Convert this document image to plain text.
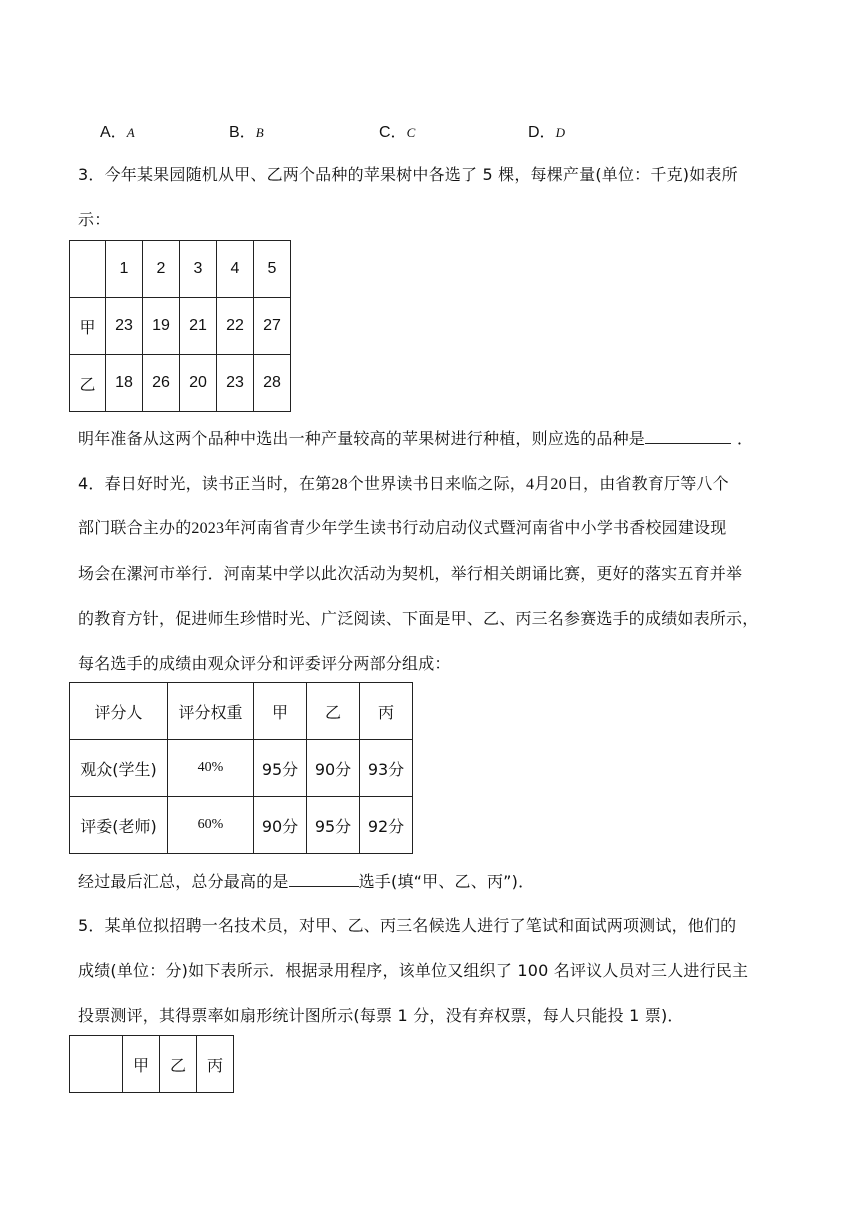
A．A	B．B	C．C	D．D
3．今年某果园随机从甲、乙两个品种的苹果树中各选了 5 棵，每棵产量(单位：千克)如表所
示：
	1	2	3	4	5
甲	23	19	21	22	27
乙	18	26	20	23	28
明年准备从这两个品种中选出一种产量较高的苹果树进行种植，则应选的品种是	．
4．春日好时光，读书正当时，在第28个世界读书日来临之际，4月20日，由省教育厅等八个
部门联合主办的2023年河南省青少年学生读书行动启动仪式暨河南省中小学书香校园建设现
场会在漯河市举行．河南某中学以此次活动为契机，举行相关朗诵比赛，更好的落实五育并举
的教育方针，促进师生珍惜时光、广泛阅读、下面是甲、乙、丙三名参赛选手的成绩如表所示，
每名选手的成绩由观众评分和评委评分两部分组成：
评分人	评分权重	甲	乙	丙
观众(学生)	40%	95分	90分	93分
评委(老师)	60%	90分	95分	92分
经过最后汇总，总分最高的是	选手(填“甲、乙、丙”)．
5．某单位拟招聘一名技术员，对甲、乙、丙三名候选人进行了笔试和面试两项测试，他们的
成绩(单位：分)如下表所示．根据录用程序，该单位又组织了 100 名评议人员对三人进行民主
投票测评，其得票率如扇形统计图所示(每票 1 分，没有弃权票，每人只能投 1 票)．
	甲	乙	丙
